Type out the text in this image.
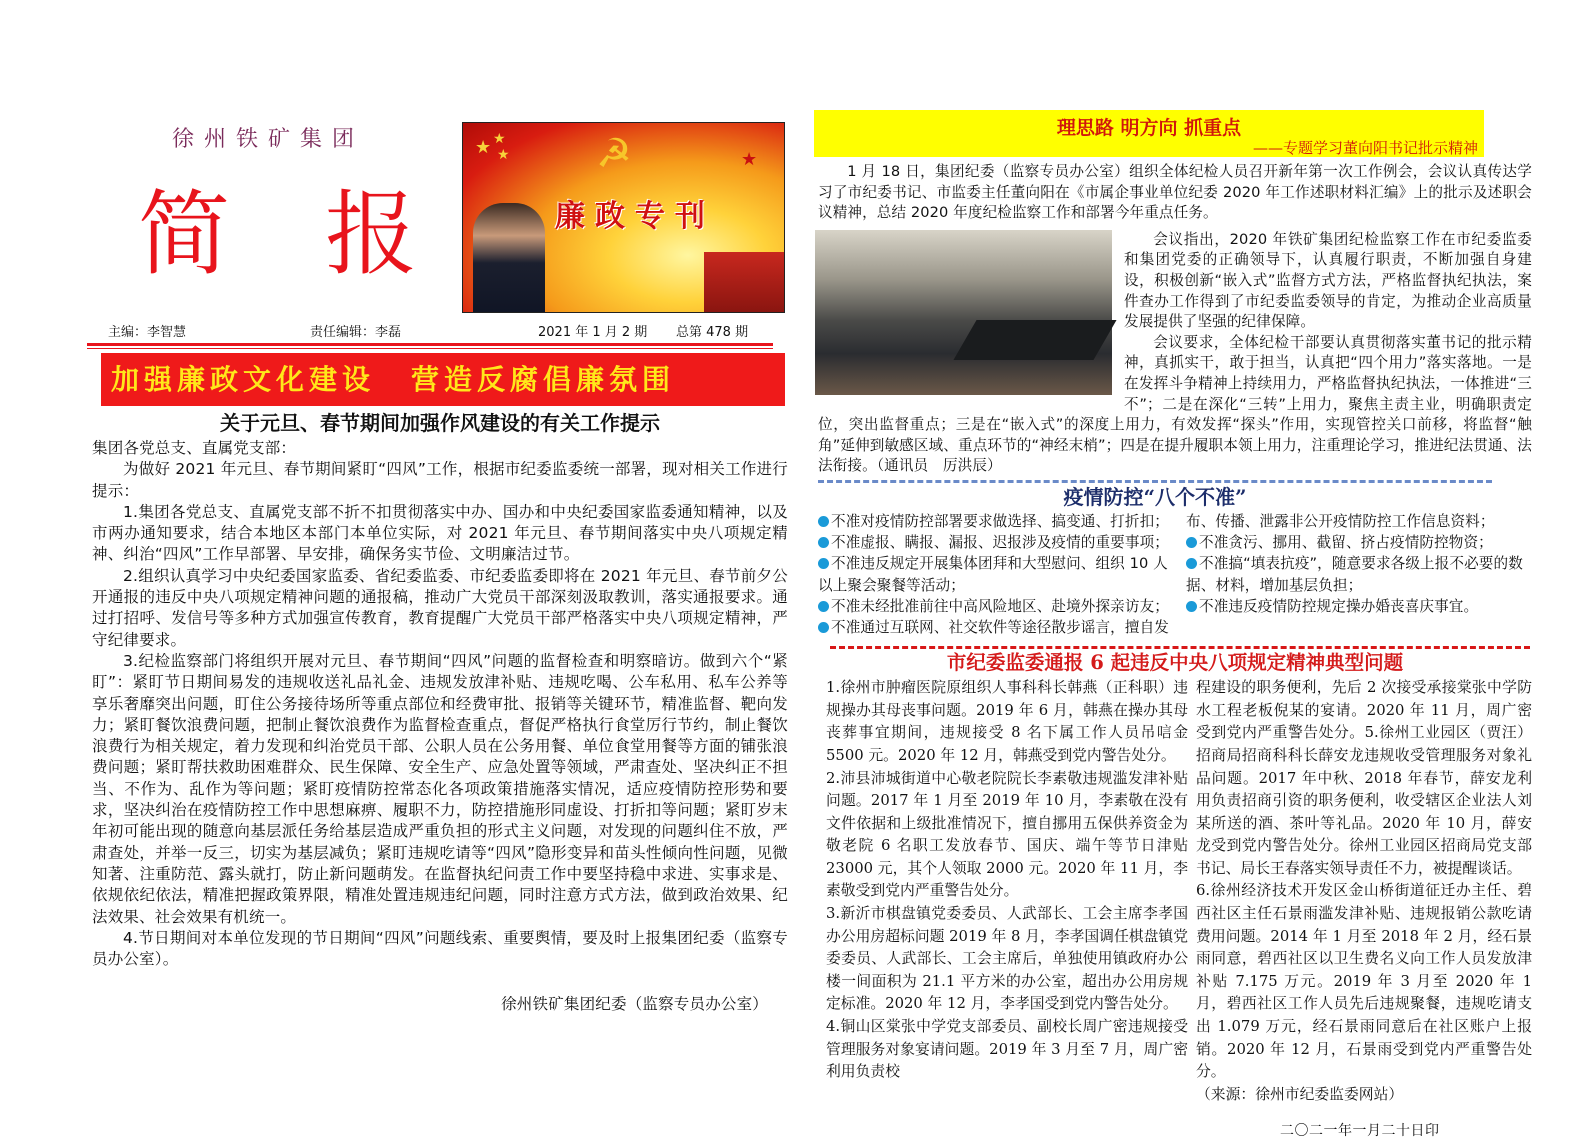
徐州铁矿集团
简 报
★ ★
★ ☭	★
廉政专刊
主编：李智慧	责任编辑：李磊	2021 年 1 月 2 期	总第 478 期
加强廉政文化建设 营造反腐倡廉氛围
关于元旦、春节期间加强作风建设的有关工作提示

集团各党总支、直属党支部：

为做好 2021 年元旦、春节期间紧盯“四风”工作，根据市纪委监委统一部署，现对相关工作进行提示：

1.集团各党总支、直属党支部不折不扣贯彻落实中办、国办和中央纪委国家监委通知精神，以及市两办通知要求，结合本地区本部门本单位实际，对 2021 年元旦、春节期间落实中央八项规定精神、纠治“四风”工作早部署、早安排，确保务实节俭、文明廉洁过节。

2.组织认真学习中央纪委国家监委、省纪委监委、市纪委监委即将在 2021 年元旦、春节前夕公开通报的违反中央八项规定精神问题的通报稿，推动广大党员干部深刻汲取教训，落实通报要求。通过打招呼、发信号等多种方式加强宣传教育，教育提醒广大党员干部严格落实中央八项规定精神，严守纪律要求。

3.纪检监察部门将组织开展对元旦、春节期间“四风”问题的监督检查和明察暗访。做到六个“紧盯”：紧盯节日期间易发的违规收送礼品礼金、违规发放津补贴、违规吃喝、公车私用、私车公养等享乐奢靡突出问题，盯住公务接待场所等重点部位和经费审批、报销等关键环节，精准监督、靶向发力；紧盯餐饮浪费问题，把制止餐饮浪费作为监督检查重点，督促严格执行食堂厉行节约，制止餐饮浪费行为相关规定，着力发现和纠治党员干部、公职人员在公务用餐、单位食堂用餐等方面的铺张浪费问题；紧盯帮扶救助困难群众、民生保障、安全生产、应急处置等领域，严肃查处、坚决纠正不担当、不作为、乱作为等问题；紧盯疫情防控常态化各项政策措施落实情况，适应疫情防控形势和要求，坚决纠治在疫情防控工作中思想麻痹、履职不力，防控措施形同虚设、打折扣等问题；紧盯岁末年初可能出现的随意向基层派任务给基层造成严重负担的形式主义问题，对发现的问题纠住不放，严肃查处，并举一反三，切实为基层减负；紧盯违规吃请等“四风”隐形变异和苗头性倾向性问题，见微知著、注重防范、露头就打，防止新问题萌发。在监督执纪问责工作中要坚持稳中求进、实事求是、依规依纪依法，精准把握政策界限，精准处置违规违纪问题，同时注意方式方法，做到政治效果、纪法效果、社会效果有机统一。

4.节日期间对本单位发现的节日期间“四风”问题线索、重要舆情，要及时上报集团纪委（监察专员办公室）。

徐州铁矿集团纪委（监察专员办公室）
理思路 明方向 抓重点
——专题学习董向阳书记批示精神

1 月 18 日，集团纪委（监察专员办公室）组织全体纪检人员召开新年第一次工作例会，会议认真传达学习了市纪委书记、市监委主任董向阳在《市属企事业单位纪委 2020 年工作述职材料汇编》上的批示及述职会议精神，总结 2020 年度纪检监察工作和部署今年重点任务。

会议指出，2020 年铁矿集团纪检监察工作在市纪委监委和集团党委的正确领导下，认真履行职责，不断加强自身建设，积极创新“嵌入式”监督方式方法，严格监督执纪执法，案件查办工作得到了市纪委监委领导的肯定，为推动企业高质量发展提供了坚强的纪律保障。

会议要求，全体纪检干部要认真贯彻落实董书记的批示精神，真抓实干，敢于担当，认真把“四个用力”落实落地。一是在发挥斗争精神上持续用力，严格监督执纪执法，一体推进“三不”；二是在深化“三转”上用力，聚焦主责主业，明确职责定位，突出监督重点；三是在“嵌入式”的深度上用力，有效发挥“探头”作用，实现管控关口前移，将监督“触角”延伸到敏感区域、重点环节的“神经末梢”；四是在提升履职本领上用力，注重理论学习，推进纪法贯通、法法衔接。（通讯员　厉洪辰）

疫情防控“八个不准”

不准对疫情防控部署要求做选择、搞变通、打折扣；

不准虚报、瞒报、漏报、迟报涉及疫情的重要事项；

不准违反规定开展集体团拜和大型慰问、组织 10 人以上聚会聚餐等活动；

不准未经批准前往中高风险地区、赴境外探亲访友；

不准通过互联网、社交软件等途径散步谣言，擅自发

布、传播、泄露非公开疫情防控工作信息资料；

不准贪污、挪用、截留、挤占疫情防控物资；

不准搞“填表抗疫”，随意要求各级上报不必要的数据、材料，增加基层负担；

不准违反疫情防控规定操办婚丧喜庆事宜。

市纪委监委通报 6 起违反中央八项规定精神典型问题
1.徐州市肿瘤医院原组织人事科科长韩燕（正科职）违规操办其母丧事问题。2019 年 6 月，韩燕在操办其母丧葬事宜期间，违规接受 8 名下属工作人员吊唁金 5500 元。2020 年 12 月，韩燕受到党内警告处分。
2.沛县沛城街道中心敬老院院长李素敬违规滥发津补贴问题。2017 年 1 月至 2019 年 10 月，李素敬在没有文件依据和上级批准情况下，擅自挪用五保供养资金为敬老院 6 名职工发放春节、国庆、端午等节日津贴 23000 元，其个人领取 2000 元。2020 年 11 月，李素敬受到党内严重警告处分。
3.新沂市棋盘镇党委委员、人武部长、工会主席李孝国办公用房超标问题 2019 年 8 月，李孝国调任棋盘镇党委委员、人武部长、工会主席后，单独使用镇政府办公楼一间面积为 21.1 平方米的办公室，超出办公用房规定标准。2020 年 12 月，李孝国受到党内警告处分。
4.铜山区棠张中学党支部委员、副校长周广密违规接受管理服务对象宴请问题。2019 年 3 月至 7 月，周广密利用负责校
程建设的职务便利，先后 2 次接受承接棠张中学防水工程老板倪某的宴请。2020 年 11 月，周广密受到党内严重警告处分。5.徐州工业园区（贾汪）招商局招商科科长薛安龙违规收受管理服务对象礼品问题。2017 年中秋、2018 年春节，薛安龙利用负责招商引资的职务便利，收受辖区企业法人刘某所送的酒、茶叶等礼品。2020 年 10 月，薛安龙受到党内警告处分。徐州工业园区招商局党支部书记、局长王春落实领导责任不力，被提醒谈话。
6.徐州经济技术开发区金山桥街道征迁办主任、碧西社区主任石景雨滥发津补贴、违规报销公款吃请费用问题。2014 年 1 月至 2018 年 2 月，经石景雨同意，碧西社区以卫生费名义向工作人员发放津补贴 7.175 万元。2019 年 3 月至 2020 年 1 月，碧西社区工作人员先后违规聚餐，违规吃请支出 1.079 万元，经石景雨同意后在社区账户上报销。2020 年 12 月，石景雨受到党内严重警告处分。
（来源：徐州市纪委监委网站）
二〇二一年一月二十日印
